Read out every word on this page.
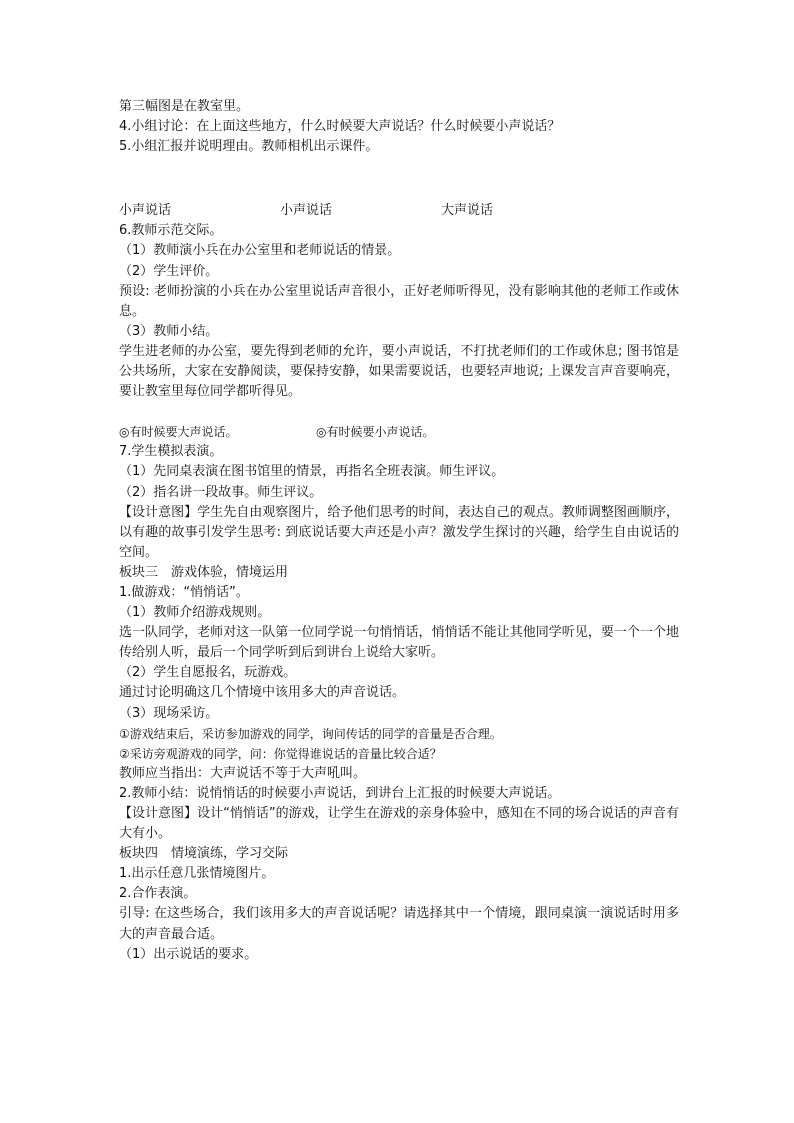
第三幅图是在教室里。

4.小组讨论：在上面这些地方，什么时候要大声说话？什么时候要小声说话？

5.小组汇报并说明理由。教师相机出示课件。

小声说话	小声说话	大声说话

6.教师示范交际。

（1）教师演小兵在办公室里和老师说话的情景。

（2）学生评价。

预设: 老师扮演的小兵在办公室里说话声音很小，正好老师听得见，没有影响其他的老师工作或休息。

（3）教师小结。

学生进老师的办公室，要先得到老师的允许，要小声说话，不打扰老师们的工作或休息; 图书馆是公共场所，大家在安静阅读，要保持安静，如果需要说话，也要轻声地说; 上课发言声音要响亮，要让教室里每位同学都听得见。

◎有时候要大声说话。	◎有时候要小声说话。

7.学生模拟表演。

（1）先同桌表演在图书馆里的情景，再指名全班表演。师生评议。

（2）指名讲一段故事。师生评议。

【设计意图】学生先自由观察图片，给予他们思考的时间，表达自己的观点。教师调整图画顺序，以有趣的故事引发学生思考: 到底说话要大声还是小声？激发学生探讨的兴趣，给学生自由说话的空间。

板块三　游戏体验，情境运用

1.做游戏：“悄悄话”。

（1）教师介绍游戏规则。

选一队同学，老师对这一队第一位同学说一句悄悄话，悄悄话不能让其他同学听见，要一个一个地传给别人听，最后一个同学听到后到讲台上说给大家听。

（2）学生自愿报名，玩游戏。

通过讨论明确这几个情境中该用多大的声音说话。

（3）现场采访。

①游戏结束后，采访参加游戏的同学，询问传话的同学的音量是否合理。

②采访旁观游戏的同学，问：你觉得谁说话的音量比较合适？

教师应当指出：大声说话不等于大声吼叫。

2.教师小结：说悄悄话的时候要小声说话，到讲台上汇报的时候要大声说话。

【设计意图】设计“悄悄话”的游戏，让学生在游戏的亲身体验中，感知在不同的场合说话的声音有大有小。

板块四　情境演练，学习交际

1.出示任意几张情境图片。

2.合作表演。

引导: 在这些场合，我们该用多大的声音说话呢？请选择其中一个情境，跟同桌演一演说话时用多大的声音最合适。

（1）出示说话的要求。
